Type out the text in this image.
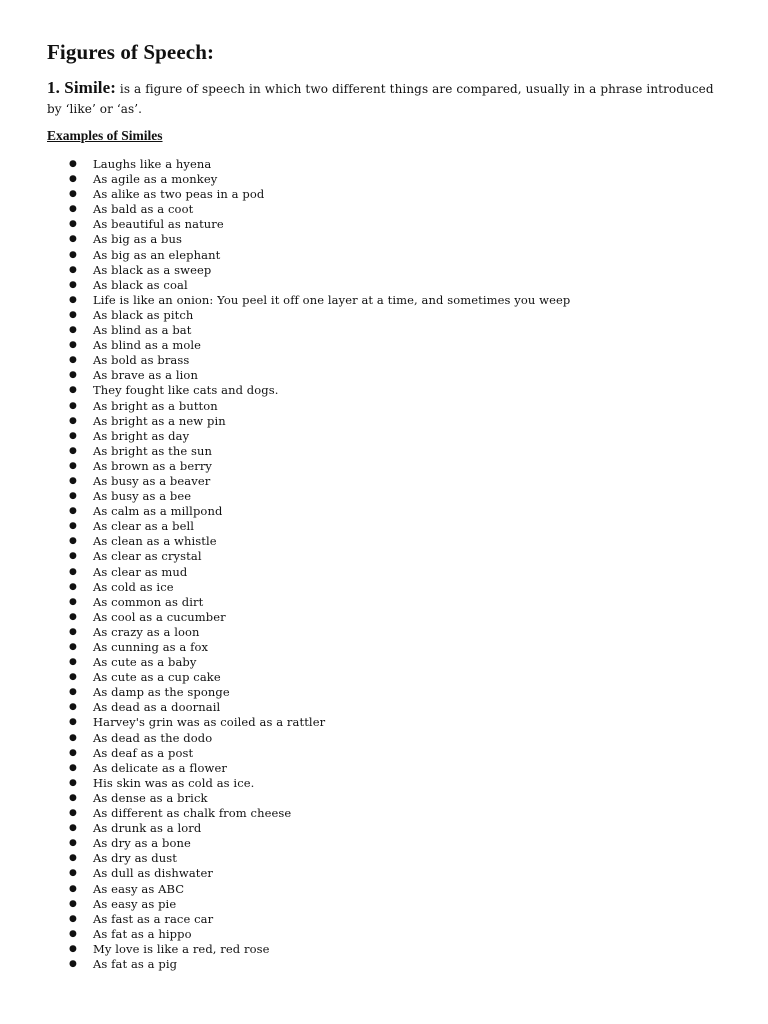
Figures of Speech:
1. Simile: is a figure of speech in which two different things are compared, usually in a phrase introduced by ‘like’ or ‘as’.
Examples of Similes
● Laughs like a hyena
● As agile as a monkey
● As alike as two peas in a pod
● As bald as a coot
● As beautiful as nature
● As big as a bus
● As big as an elephant
● As black as a sweep
● As black as coal
● Life is like an onion: You peel it off one layer at a time, and sometimes you weep
● As black as pitch
● As blind as a bat
● As blind as a mole
● As bold as brass
● As brave as a lion
● They fought like cats and dogs.
● As bright as a button
● As bright as a new pin
● As bright as day
● As bright as the sun
● As brown as a berry
● As busy as a beaver
● As busy as a bee
● As calm as a millpond
● As clear as a bell
● As clean as a whistle
● As clear as crystal
● As clear as mud
● As cold as ice
● As common as dirt
● As cool as a cucumber
● As crazy as a loon
● As cunning as a fox
● As cute as a baby
● As cute as a cup cake
● As damp as the sponge
● As dead as a doornail
● Harvey's grin was as coiled as a rattler
● As dead as the dodo
● As deaf as a post
● As delicate as a flower
● His skin was as cold as ice.
● As dense as a brick
● As different as chalk from cheese
● As drunk as a lord
● As dry as a bone
● As dry as dust
● As dull as dishwater
● As easy as ABC
● As easy as pie
● As fast as a race car
● As fat as a hippo
● My love is like a red, red rose
● As fat as a pig
